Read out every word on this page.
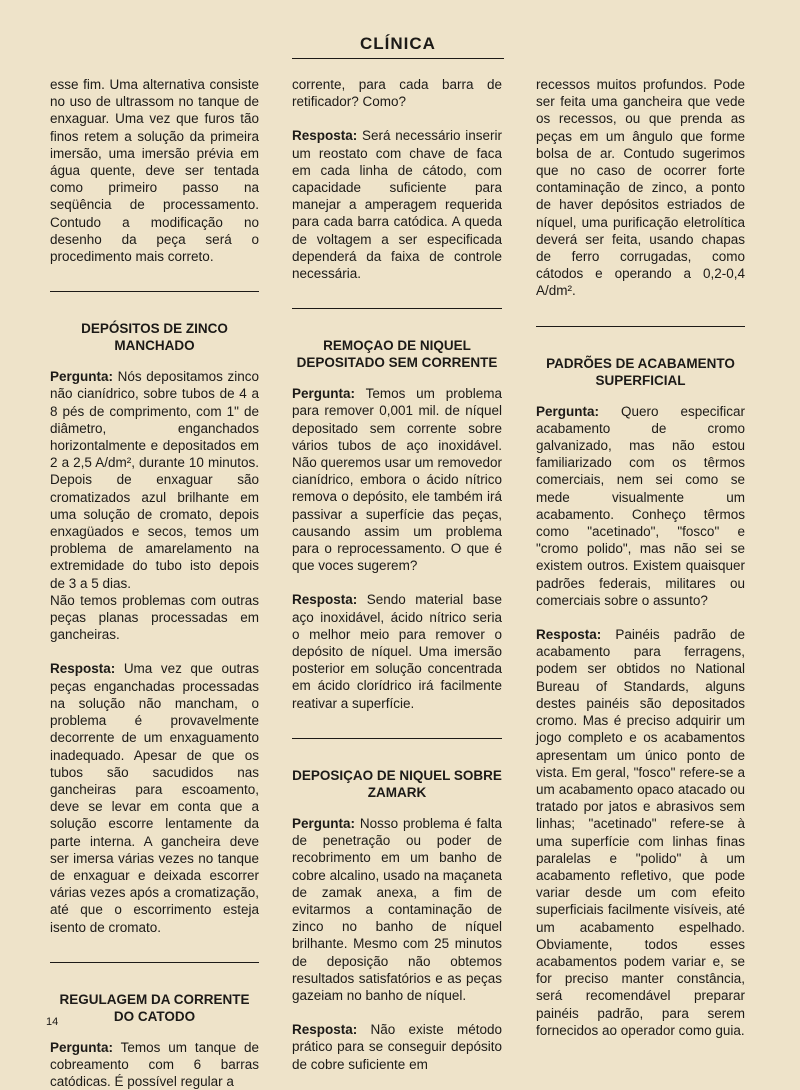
CLÍNICA

esse fim. Uma alternativa consiste no uso de ultrassom no tanque de enxaguar. Uma vez que furos tão finos retem a solução da primeira imersão, uma imersão prévia em água quente, deve ser tentada como primeiro passo na seqüência de processamento. Contudo a modificação no desenho da peça será o procedimento mais correto.

DEPÓSITOS DE ZINCO MANCHADO

Pergunta: Nós depositamos zinco não cianídrico, sobre tubos de 4 a 8 pés de comprimento, com 1" de diâmetro, enganchados horizontalmente e depositados em 2 a 2,5 A/dm², durante 10 minutos. Depois de enxaguar são cromatizados azul brilhante em uma solução de cromato, depois enxagüados e secos, temos um problema de amarelamento na extremidade do tubo isto depois de 3 a 5 dias.

Não temos problemas com outras peças planas processadas em gancheiras.

Resposta: Uma vez que outras peças enganchadas processadas na solução não mancham, o problema é provavelmente decorrente de um enxaguamento inadequado. Apesar de que os tubos são sacudidos nas gancheiras para escoamento, deve se levar em conta que a solução escorre lentamente da parte interna. A gancheira deve ser imersa várias vezes no tanque de enxaguar e deixada escorrer várias vezes após a cromatização, até que o escorrimento esteja isento de cromato.

REGULAGEM DA CORRENTE DO CATODO

Pergunta: Temos um tanque de cobreamento com 6 barras catódicas. É possível regular a

corrente, para cada barra de retificador? Como?

Resposta: Será necessário inserir um reostato com chave de faca em cada linha de cátodo, com capacidade suficiente para manejar a amperagem requerida para cada barra catódica. A queda de voltagem a ser especificada dependerá da faixa de controle necessária.

REMOÇAO DE NIQUEL DEPOSITADO SEM CORRENTE

Pergunta: Temos um problema para remover 0,001 mil. de níquel depositado sem corrente sobre vários tubos de aço inoxidável. Não queremos usar um removedor cianídrico, embora o ácido nítrico remova o depósito, ele também irá passivar a superfície das peças, causando assim um problema para o reprocessamento. O que é que voces sugerem?

Resposta: Sendo material base aço inoxidável, ácido nítrico seria o melhor meio para remover o depósito de níquel. Uma imersão posterior em solução concentrada em ácido clorídrico irá facilmente reativar a superfície.

DEPOSIÇAO DE NIQUEL SOBRE ZAMARK

Pergunta: Nosso problema é falta de penetração ou poder de recobrimento em um banho de cobre alcalino, usado na maçaneta de zamak anexa, a fim de evitarmos a contaminação de zinco no banho de níquel brilhante. Mesmo com 25 minutos de deposição não obtemos resultados satisfatórios e as peças gazeiam no banho de níquel.

Resposta: Não existe método prático para se conseguir depósito de cobre suficiente em

recessos muitos profundos. Pode ser feita uma gancheira que vede os recessos, ou que prenda as peças em um ângulo que forme bolsa de ar. Contudo sugerimos que no caso de ocorrer forte contaminação de zinco, a ponto de haver depósitos estriados de níquel, uma purificação eletrolítica deverá ser feita, usando chapas de ferro corrugadas, como cátodos e operando a 0,2-0,4 A/dm².

PADRÕES DE ACABAMENTO SUPERFICIAL

Pergunta: Quero especificar acabamento de cromo galvanizado, mas não estou familiarizado com os têrmos comerciais, nem sei como se mede visualmente um acabamento. Conheço têrmos como "acetinado", "fosco" e "cromo polido", mas não sei se existem outros. Existem quaisquer padrões federais, militares ou comerciais sobre o assunto?

Resposta: Painéis padrão de acabamento para ferragens, podem ser obtidos no National Bureau of Standards, alguns destes painéis são depositados cromo. Mas é preciso adquirir um jogo completo e os acabamentos apresentam um único ponto de vista. Em geral, "fosco" refere-se a um acabamento opaco atacado ou tratado por jatos e abrasivos sem linhas; "acetinado" refere-se à uma superfície com linhas finas paralelas e "polido" à um acabamento refletivo, que pode variar desde um com efeito superficiais facilmente visíveis, até um acabamento espelhado. Obviamente, todos esses acabamentos podem variar e, se for preciso manter constância, será recomendável preparar painéis padrão, para serem fornecidos ao operador como guia.

14
